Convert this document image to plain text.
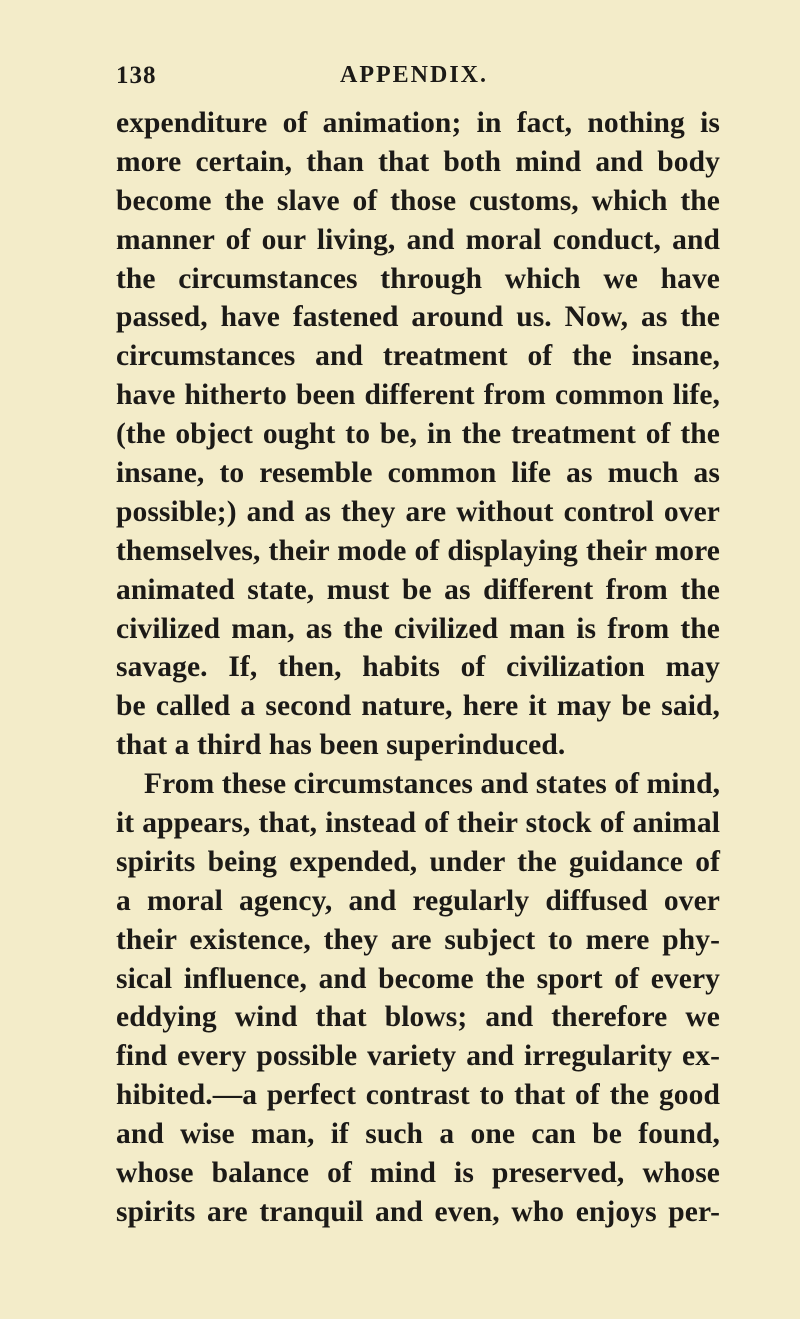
138	APPENDIX.
expenditure of animation; in fact, nothing is
more certain, than that both mind and body
become the slave of those customs, which the
manner of our living, and moral conduct, and
the circumstances through which we have
passed, have fastened around us. Now, as the
circumstances and treatment of the insane,
have hitherto been different from common life,
(the object ought to be, in the treatment of the
insane, to resemble common life as much as
possible;) and as they are without control over
themselves, their mode of displaying their more
animated state, must be as different from the
civilized man, as the civilized man is from the
savage. If, then, habits of civilization may
be called a second nature, here it may be said,
that a third has been superinduced.
From these circumstances and states of mind,
it appears, that, instead of their stock of animal
spirits being expended, under the guidance of
a moral agency, and regularly diffused over
their existence, they are subject to mere phy-
sical influence, and become the sport of every
eddying wind that blows; and therefore we
find every possible variety and irregularity ex-
hibited.—a perfect contrast to that of the good
and wise man, if such a one can be found,
whose balance of mind is preserved, whose
spirits are tranquil and even, who enjoys per-
